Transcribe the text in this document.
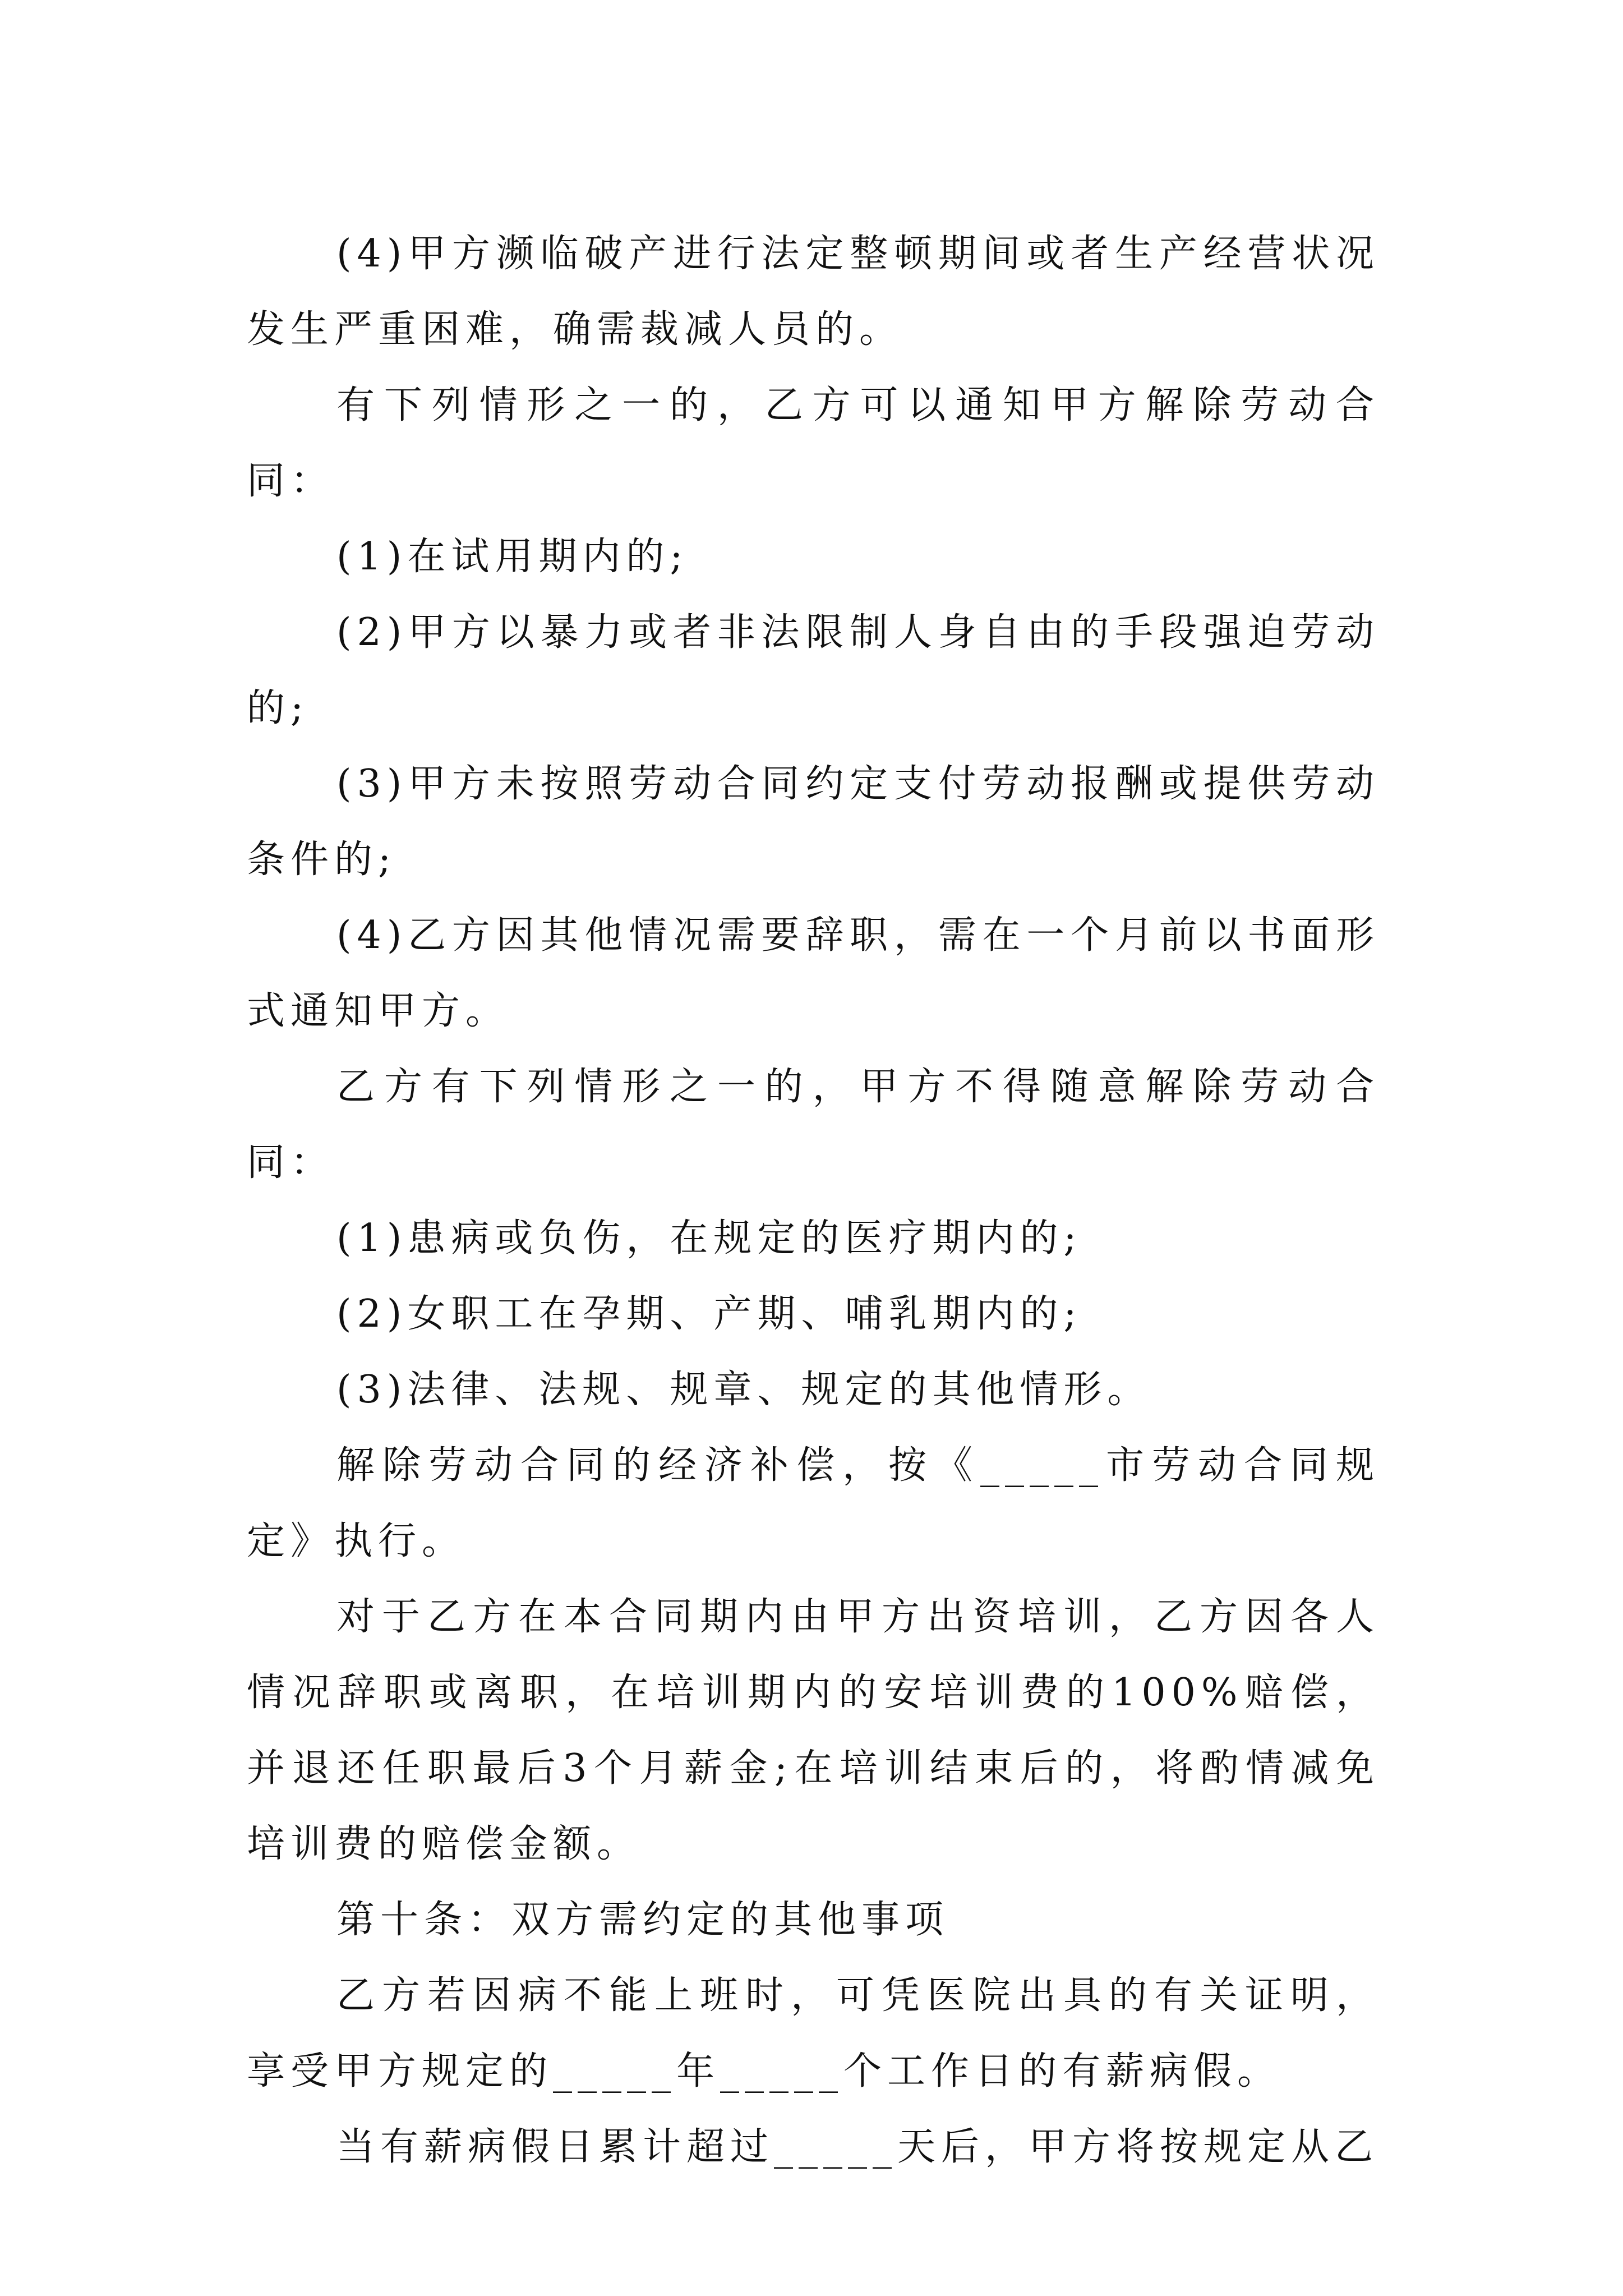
(4)甲方濒临破产进行法定整顿期间或者生产经营状况发生严重困难，确需裁减人员的。

有下列情形之一的，乙方可以通知甲方解除劳动合同：

(1)在试用期内的;

(2)甲方以暴力或者非法限制人身自由的手段强迫劳动的;

(3)甲方未按照劳动合同约定支付劳动报酬或提供劳动条件的;

(4)乙方因其他情况需要辞职，需在一个月前以书面形式通知甲方。

乙方有下列情形之一的，甲方不得随意解除劳动合同：

(1)患病或负伤，在规定的医疗期内的;

(2)女职工在孕期、产期、哺乳期内的;

(3)法律、法规、规章、规定的其他情形。

解除劳动合同的经济补偿，按《_____市劳动合同规定》执行。

对于乙方在本合同期内由甲方出资培训，乙方因各人情况辞职或离职，在培训期内的安培训费的100%赔偿，并退还任职最后3个月薪金;在培训结束后的，将酌情减免培训费的赔偿金额。

第十条：双方需约定的其他事项

乙方若因病不能上班时，可凭医院出具的有关证明，享受甲方规定的_____年_____个工作日的有薪病假。

当有薪病假日累计超过_____天后，甲方将按规定从乙
